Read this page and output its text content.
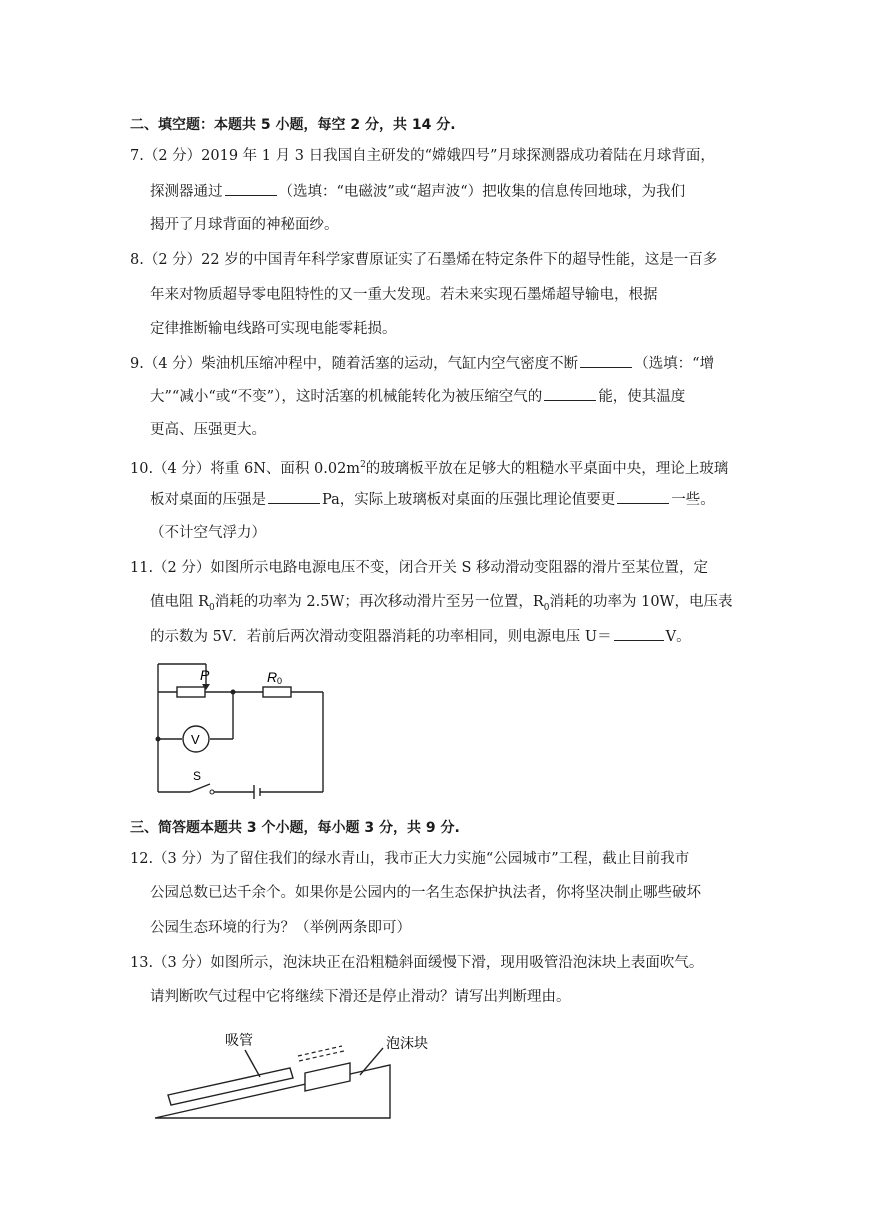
二、填空题：本题共 5 小题，每空 2 分，共 14 分.
7.（2 分）2019 年 1 月 3 日我国自主研发的“嫦娥四号”月球探测器成功着陆在月球背面，
探测器通过	（选填：“电磁波”或“超声波“）把收集的信息传回地球，为我们
揭开了月球背面的神秘面纱。
8.（2 分）22 岁的中国青年科学家曹原证实了石墨烯在特定条件下的超导性能，这是一百多
年来对物质超导零电阻特性的又一重大发现。若未来实现石墨烯超导输电，根据
定律推断输电线路可实现电能零耗损。
9.（4 分）柴油机压缩冲程中，随着活塞的运动，气缸内空气密度不断	（选填：“增
大”“减小“或“不变”），这时活塞的机械能转化为被压缩空气的	能，使其温度
更高、压强更大。
10.（4 分）将重 6N、面积 $0.02m^2$的玻璃板平放在足够大的粗糙水平桌面中央，理论上玻璃
板对桌面的压强是	Pa，实际上玻璃板对桌面的压强比理论值要更	一些。
（不计空气浮力）
11.（2 分）如图所示电路电源电压不变，闭合开关 S 移动滑动变阻器的滑片至某位置，定
值电阻 $R_0$消耗的功率为 2.5W；再次移动滑片至另一位置，$R_0$消耗的功率为 10W，电压表
的示数为 5V．若前后两次滑动变阻器消耗的功率相同，则电源电压 U＝	V。
P	R 0
V
S
三、简答题本题共 3 个小题，每小题 3 分，共 9 分.
12.（3 分）为了留住我们的绿水青山，我市正大力实施“公园城市”工程，截止目前我市
公园总数已达千余个。如果你是公园内的一名生态保护执法者，你将坚决制止哪些破坏
公园生态环境的行为？（举例两条即可）
13.（3 分）如图所示，泡沫块正在沿粗糙斜面缓慢下滑，现用吸管沿泡沫块上表面吹气。
请判断吹气过程中它将继续下滑还是停止滑动？请写出判断理由。
吸管	泡沫块
